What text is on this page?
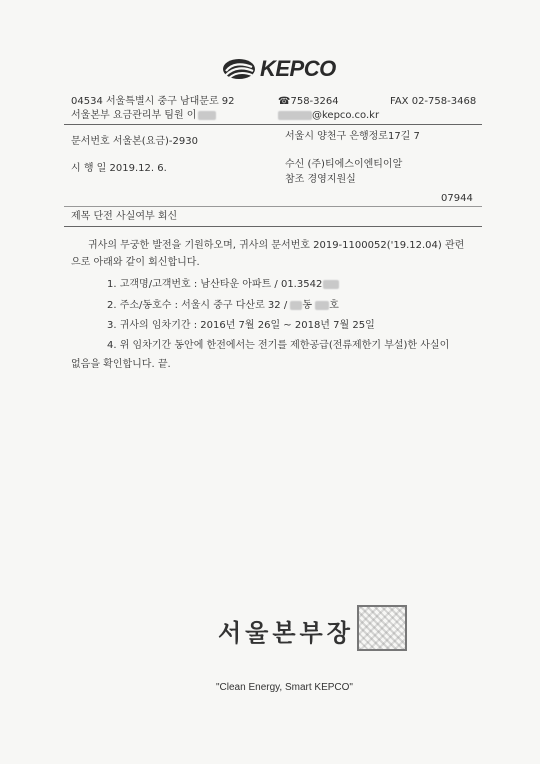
KEPCO
04534 서울특별시 중구 남대문로 92	☎758-3264	FAX 02-758-3468
서울본부 요금관리부 팀원 이	@kepco.co.kr
문서번호 서울본(요금)-2930	서울시 양천구 은행정로17길 7
시 행 일 2019.12. 6.	수신 (주)티에스이엔티이알
참조 경영지원실
07944
제목 단전 사실여부 회신
귀사의 무궁한 발전을 기원하오며, 귀사의 문서번호 2019-1100052('19.12.04) 관련
으로 아래와 같이 회신합니다.
1. 고객명/고객번호 : 남산타운 아파트 / 01.3542
2. 주소/동호수 : 서울시 중구 다산로 32 / 동 호
3. 귀사의 임차기간 : 2016년 7월 26일 ~ 2018년 7월 25일
4. 위 임차기간 동안에 한전에서는 전기를 제한공급(전류제한기 부설)한 사실이
없음을 확인합니다. 끝.
서울본부장
"Clean Energy, Smart KEPCO"
